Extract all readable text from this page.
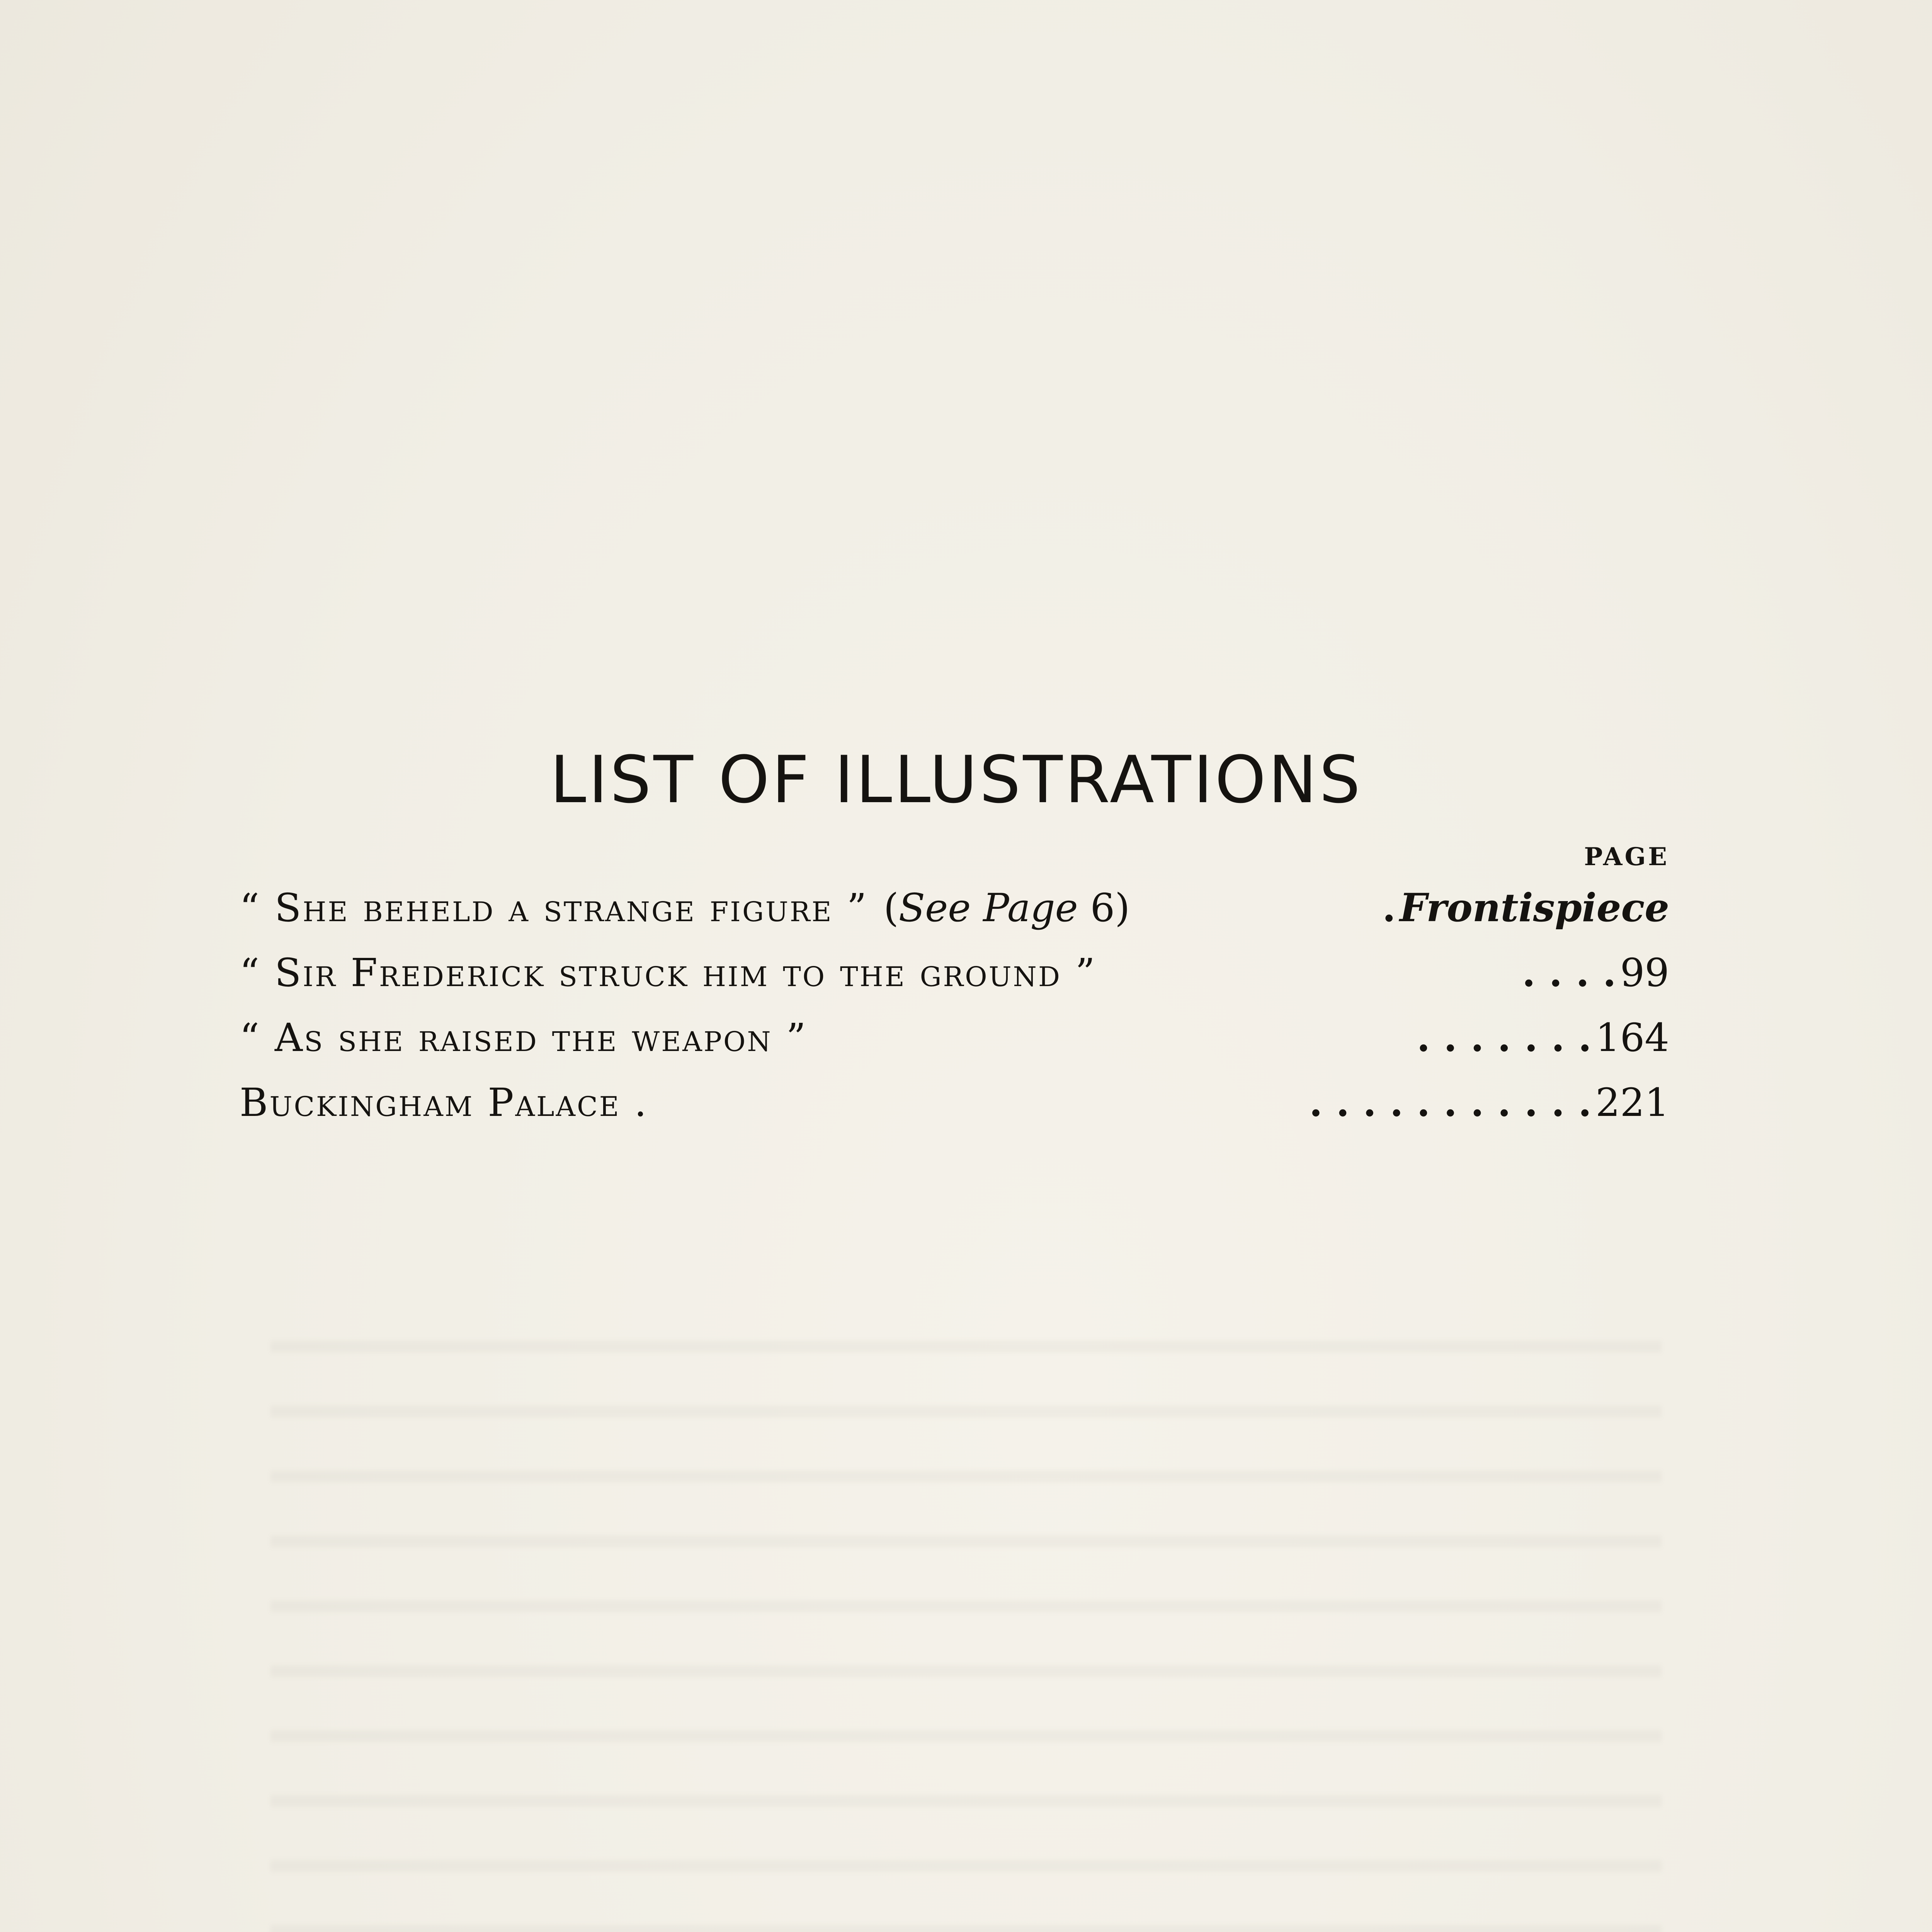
LIST OF ILLUSTRATIONS
PAGE
“ She beheld a strange figure ” (See Page 6)	. Frontispiece
“ Sir Frederick struck him to the ground ”	. . . . 99
“ As she raised the weapon ”	. . . . . . . 164
Buckingham Palace .	. . . . . . . . . . . 221
